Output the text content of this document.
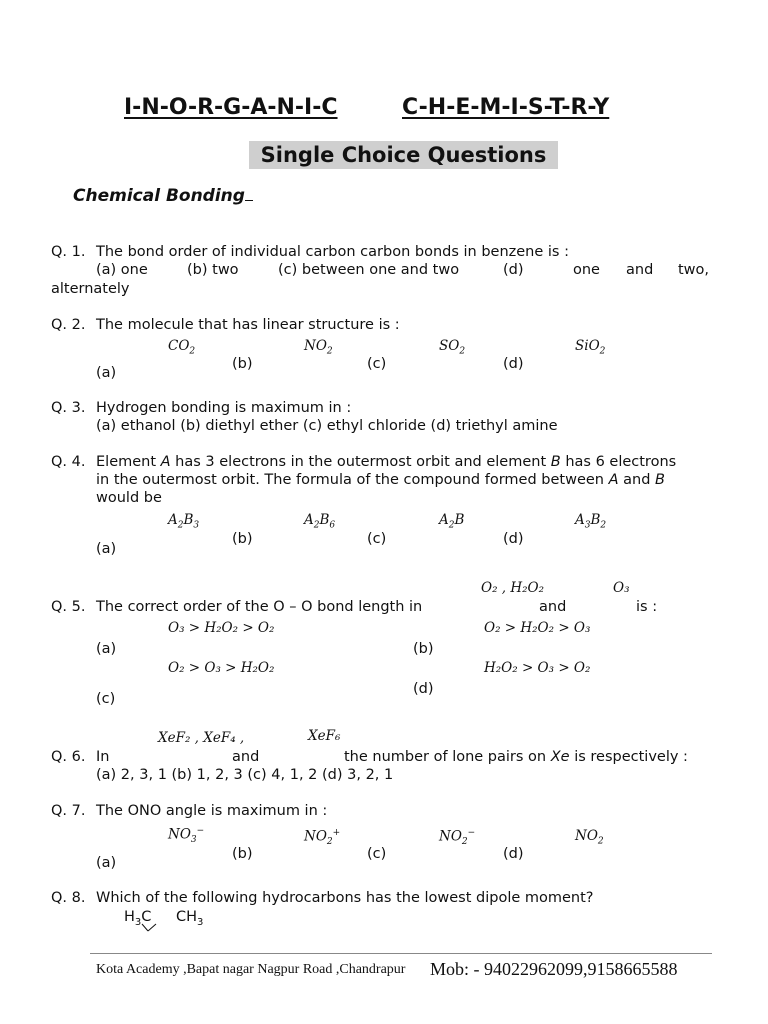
I-N-O-R-G-A-N-I-C	C-H-E-M-I-S-T-R-Y
Single Choice Questions
Chemical Bonding
Q. 1. The bond order of individual carbon carbon bonds in benzene is :
(a) one	(b) two	(c) between one and two	(d)	one and two,
alternately
Q. 2. The molecule that has linear structure is :
$CO_2$	$NO_2$	$SO_2$	SiO$_2$
(a)
(b)	(c)	(d)
Q. 3. Hydrogen bonding is maximum in :
(a) ethanol (b) diethyl ether (c) ethyl chloride (d) triethyl amine
Q. 4. Element A has 3 electrons in the outermost orbit and element B has 6 electrons
in the outermost orbit. The formula of the compound formed between A and B
would be
$A_2B_3$	$A_2B_6$	$A_2B$	$A_3B_2$
(a)
(b)	(c)	(d)
O₂ , H₂O₂	O₃
Q. 5. The correct order of the O – O bond length in	and	is :
O₃ > H₂O₂ > O₂	O₂ > H₂O₂ > O₃
(a)	(b)
O₂ > O₃ > H₂O₂	H₂O₂ > O₃ > O₂
(c)
(d)
XeF₂ , XeF₄ ,	XeF₆
Q. 6. In	and	the number of lone pairs on Xe is respectively :
(a) 2, 3, 1 (b) 1, 2, 3 (c) 4, 1, 2 (d) 3, 2, 1
Q. 7. The ONO angle is maximum in :
$NO_3^-$	$NO_2^+$	$NO_2^-$	$NO_2$
(a)
(b)	(c)	(d)
Q. 8. Which of the following hydrocarbons has the lowest dipole moment?
$H_3C$ $CH_3$
Kota Academy ,Bapat nagar Nagpur Road ,Chandrapur Mob: - 94022962099,9158665588
